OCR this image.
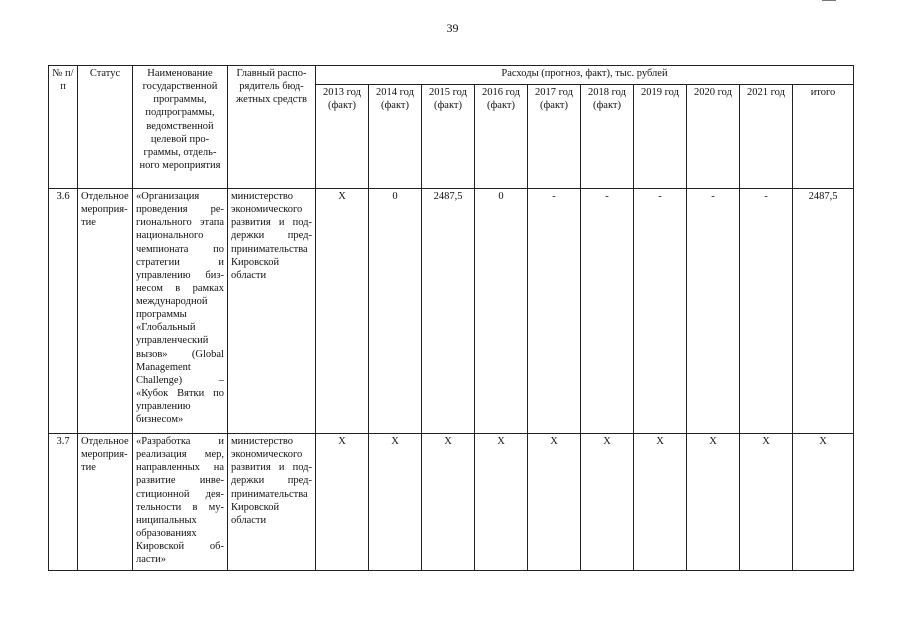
39
№ п/п	Статус	Наименование государственной программы, подпрограммы, ведомственной целевой программы, отдельного мероприятия	Главный распорядитель бюджетных средств	Расходы (прогноз, факт), тыс. рублей									
				2013 год (факт)	2014 год (факт)	2015 год (факт)	2016 год (факт)	2017 год (факт)	2018 год (факт)	2019 год	2020 год	2021 год	итого
3.6	Отдельное мероприятие	«Организация проведения регионального этапа национального чемпионата по стратегии и управлению бизнесом в рамках международной программы «Глобальный управленческий вызов» (Global Management Challenge) – «Кубок Вятки по управлению бизнесом»	министерство экономического развития и поддержки предпринимательства Кировской области	Х	0	2487,5	0	-	-	-	-	-	2487,5
3.7	Отдельное мероприятие	«Разработка и реализация мер, направленных на развитие инвестиционной деятельности в муниципальных образованиях Кировской области»	министерство экономического развития и поддержки предпринимательства Кировской области	Х	Х	Х	Х	Х	Х	Х	Х	Х	Х
